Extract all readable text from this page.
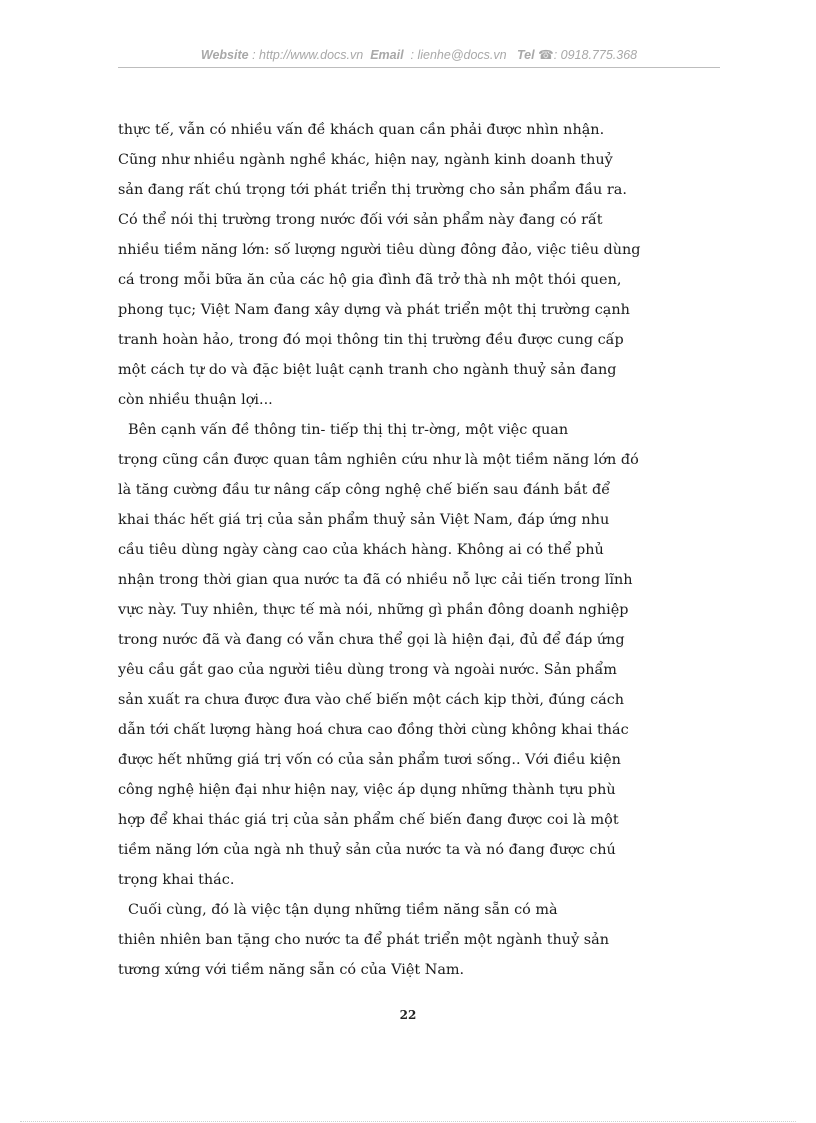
Website : http://www.docs.vn Email : lienhe@docs.vn Tel ☎: 0918.775.368
thực tế, vẫn có nhiều vấn đề khách quan cần phải được nhìn nhận.
Cũng như nhiều ngành nghề khác, hiện nay, ngành kinh doanh thuỷ
sản đang rất chú trọng tới phát triển thị trường cho sản phẩm đầu ra.
Có thể nói thị trường trong nước đối với sản phẩm này đang có rất
nhiều tiềm năng lớn: số lượng người tiêu dùng đông đảo, việc tiêu dùng
cá trong mỗi bữa ăn của các hộ gia đình đã trở thà nh một thói quen,
phong tục; Việt Nam đang xây dựng và phát triển một thị trường cạnh
tranh hoàn hảo, trong đó mọi thông tin thị trường đều được cung cấp
một cách tự do và đặc biệt luật cạnh tranh cho ngành thuỷ sản đang
còn nhiều thuận lợi...
Bên cạnh vấn đề thông tin- tiếp thị thị tr-ờng, một việc quan
trọng cũng cần được quan tâm nghiên cứu như là một tiềm năng lớn đó
là tăng cường đầu tư nâng cấp công nghệ chế biến sau đánh bắt để
khai thác hết giá trị của sản phẩm thuỷ sản Việt Nam, đáp ứng nhu
cầu tiêu dùng ngày càng cao của khách hàng. Không ai có thể phủ
nhận trong thời gian qua nước ta đã có nhiều nỗ lực cải tiến trong lĩnh
vực này. Tuy nhiên, thực tế mà nói, những gì phần đông doanh nghiệp
trong nước đã và đang có vẫn chưa thể gọi là hiện đại, đủ để đáp ứng
yêu cầu gắt gao của người tiêu dùng trong và ngoài nước. Sản phẩm
sản xuất ra chưa được đưa vào chế biến một cách kịp thời, đúng cách
dẫn tới chất lượng hàng hoá chưa cao đồng thời cùng không khai thác
được hết những giá trị vốn có của sản phẩm tươi sống.. Với điều kiện
công nghệ hiện đại như hiện nay, việc áp dụng những thành tựu phù
hợp để khai thác giá trị của sản phẩm chế biến đang được coi là một
tiềm năng lớn của ngà nh thuỷ sản của nước ta và nó đang được chú
trọng khai thác.
Cuối cùng, đó là việc tận dụng những tiềm năng sẵn có mà
thiên nhiên ban tặng cho nước ta để phát triển một ngành thuỷ sản
tương xứng với tiềm năng sẵn có của Việt Nam.
22
